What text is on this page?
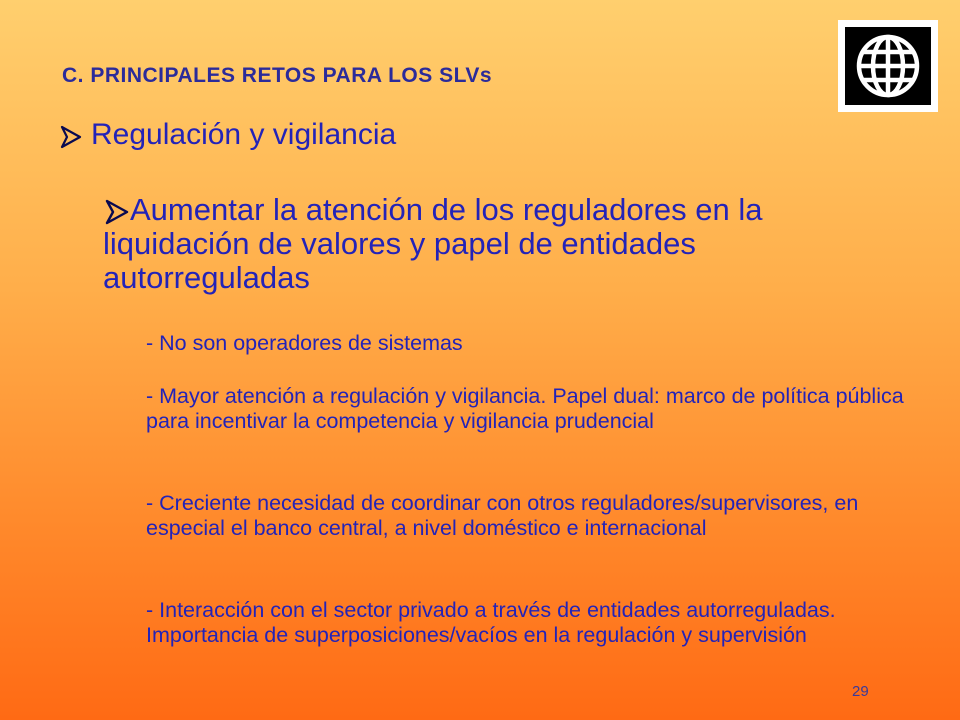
C. PRINCIPALES RETOS PARA LOS SLVs
Regulación y vigilancia
Aumentar la atención de los reguladores en la liquidación de valores y papel de entidades autorreguladas
- No son operadores de sistemas
- Mayor atención a regulación y vigilancia. Papel dual: marco de política pública para incentivar la competencia y vigilancia prudencial
- Creciente necesidad de coordinar con otros reguladores/supervisores, en especial el banco central, a nivel doméstico e internacional
- Interacción con el sector privado a través de entidades autorreguladas. Importancia de superposiciones/vacíos en la regulación y supervisión
29
